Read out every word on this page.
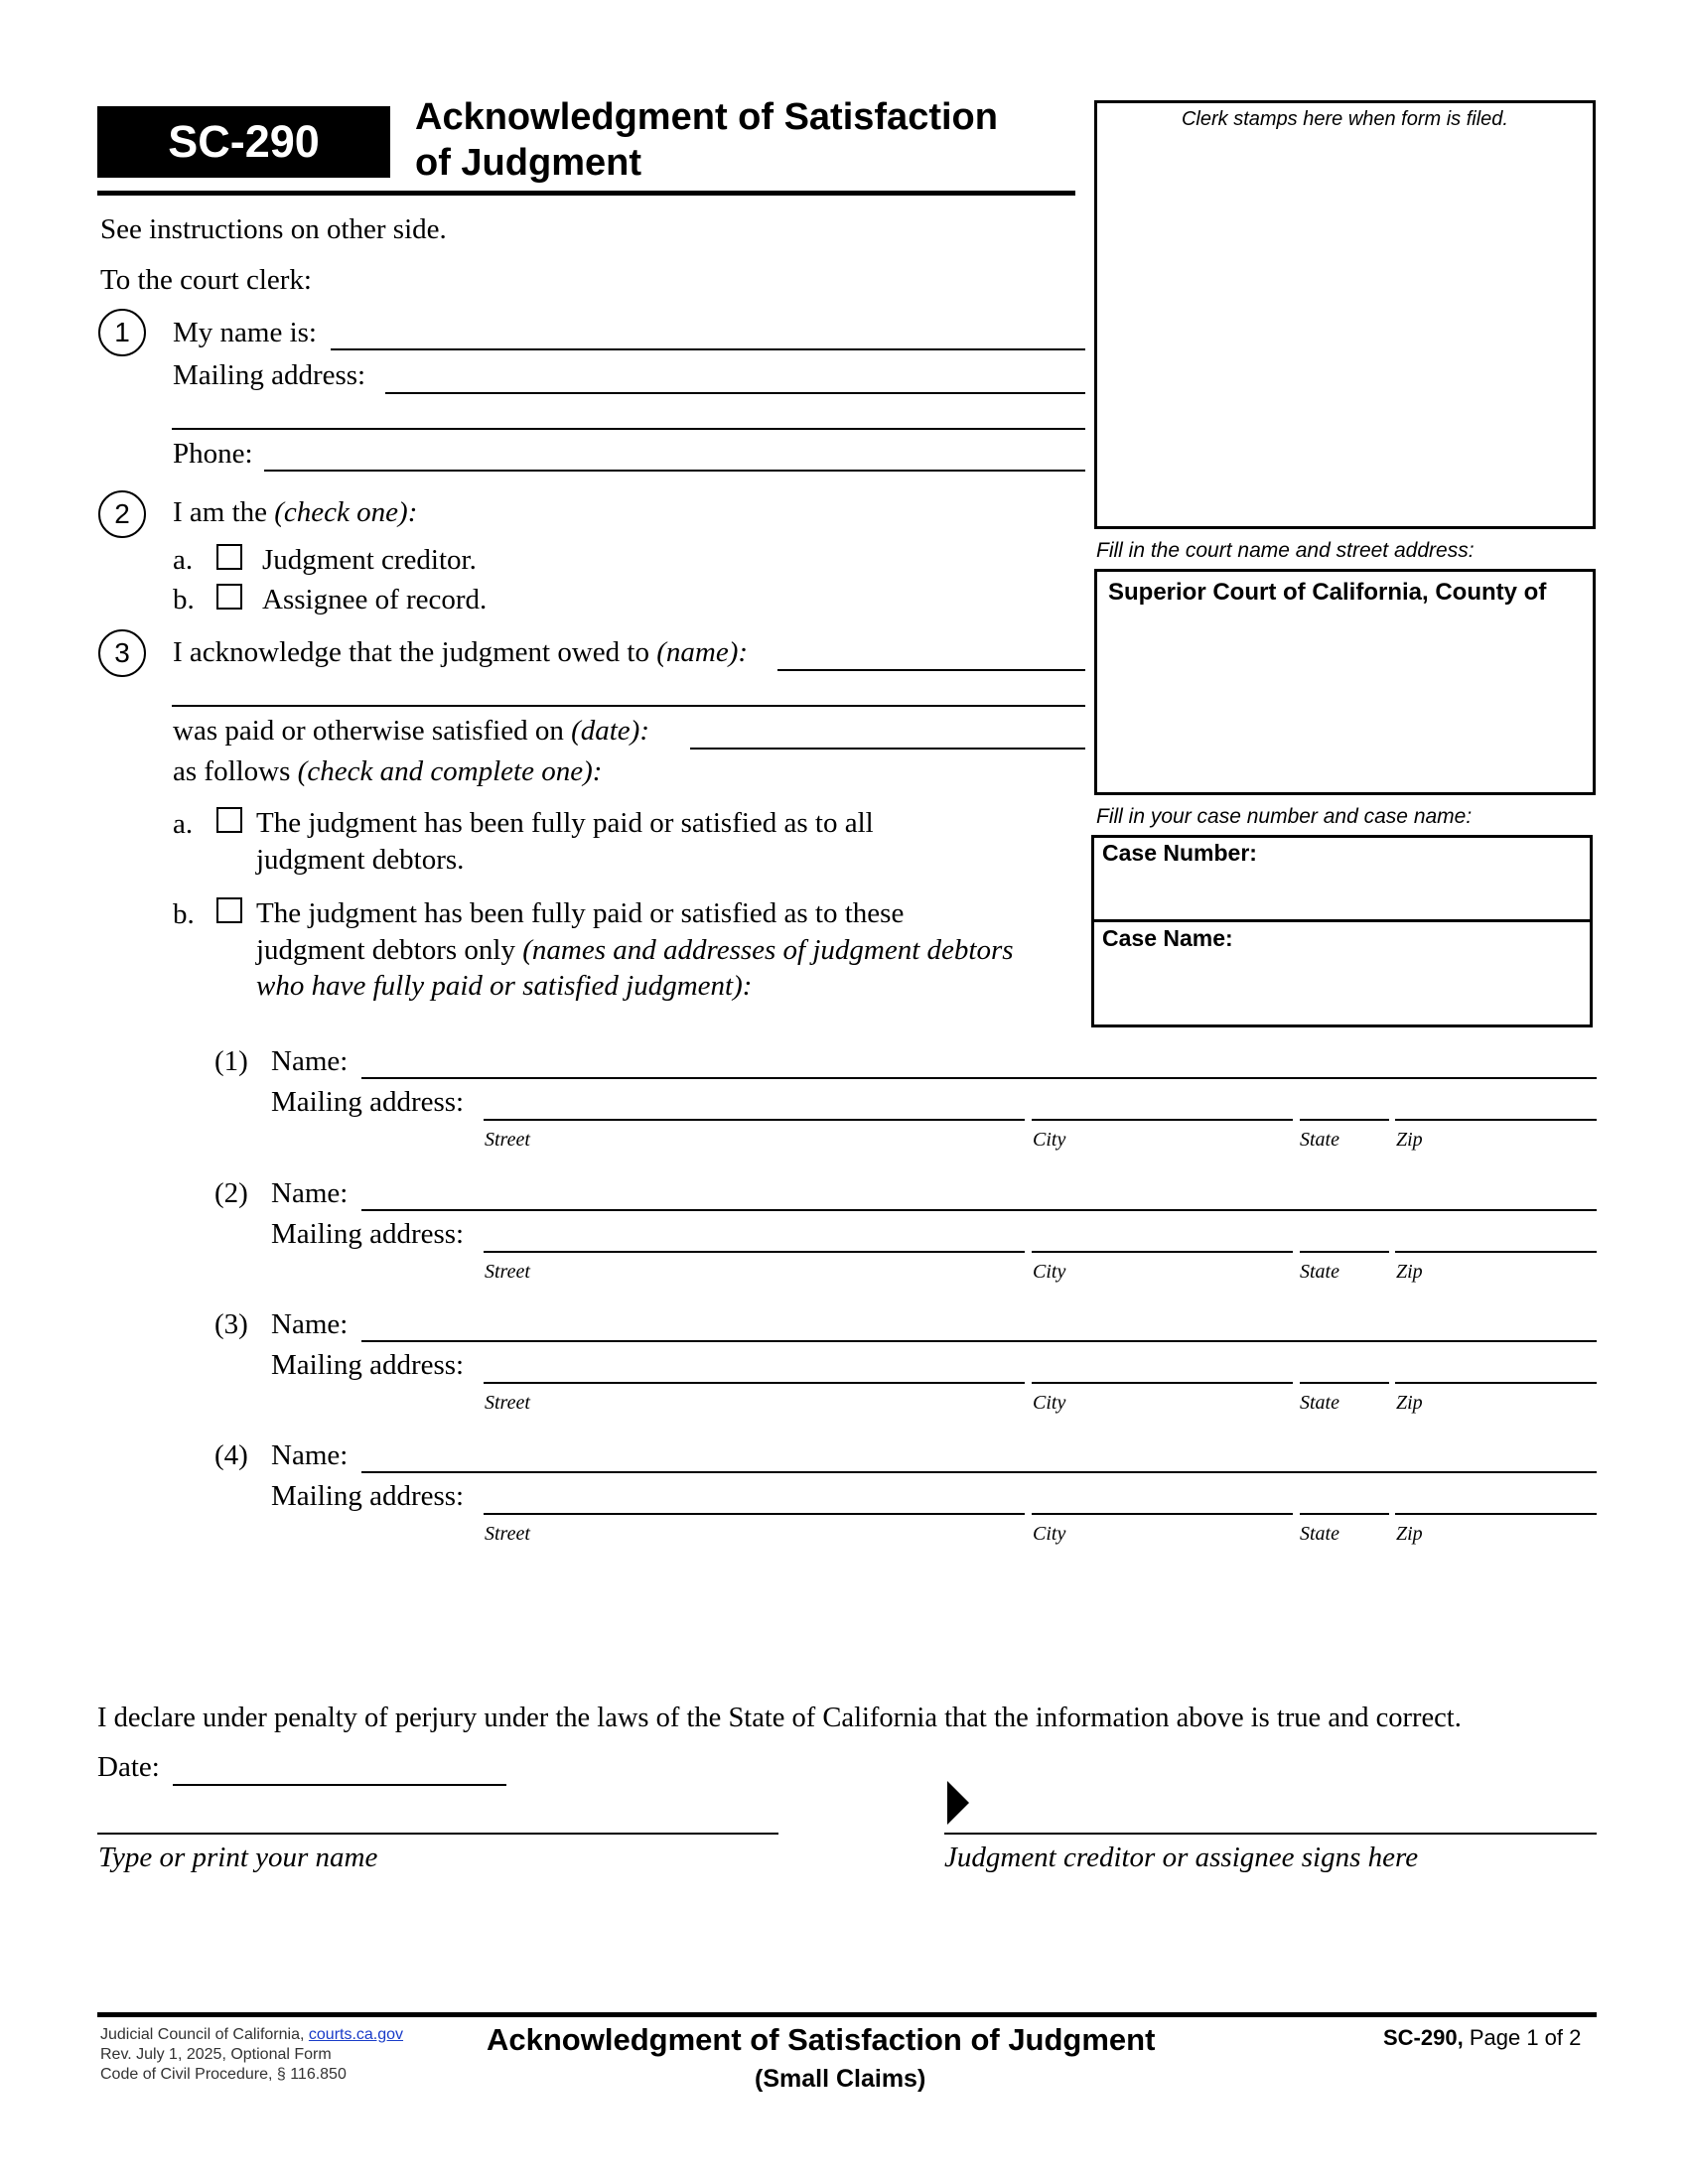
SC-290	Acknowledgment of Satisfaction
of Judgment
Clerk stamps here when form is filed.
Fill in the court name and street address:
Superior Court of California, County of
Fill in your case number and case name:
Case Number:
Case Name:
See instructions on other side.
To the court clerk:
1	My name is:
Mailing address:
Phone:
2	I am the (check one):
a. Judgment creditor.
b. Assignee of record.
3	I acknowledge that the judgment owed to (name):
was paid or otherwise satisfied on (date):
as follows (check and complete one):
a. The judgment has been fully paid or satisfied as to all
judgment debtors.
b. The judgment has been fully paid or satisfied as to these
judgment debtors only (names and addresses of judgment debtors
who have fully paid or satisfied judgment):
(1) Name:
Mailing address:
Street	City	State	Zip
(2) Name:
Mailing address:
Street	City	State	Zip
(3) Name:
Mailing address:
Street	City	State	Zip
(4) Name:
Mailing address:
Street	City	State	Zip
I declare under penalty of perjury under the laws of the State of California that the information above is true and correct.
Date:
Type or print your name	Judgment creditor or assignee signs here
Judicial Council of California, courts.ca.gov
Rev. July 1, 2025, Optional Form
Code of Civil Procedure, § 116.850
Acknowledgment of Satisfaction of Judgment
(Small Claims)
SC-290, Page 1 of 2
